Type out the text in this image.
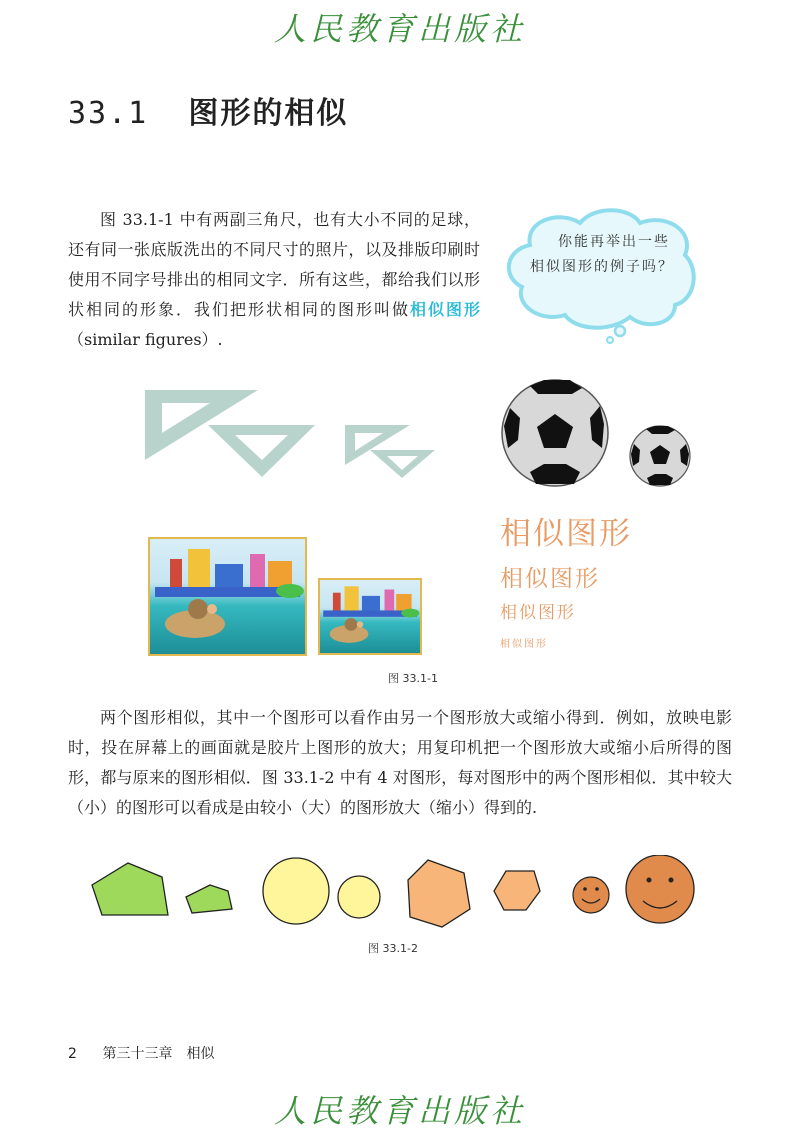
人民教育出版社
33.1 图形的相似

图 33.1-1 中有两副三角尺，也有大小不同的足球，还有同一张底版洗出的不同尺寸的照片，以及排版印刷时使用不同字号排出的相同文字．所有这些，都给我们以形状相同的形象．我们把形状相同的图形叫做相似图形（similar figures）.

你能再举出一些相似图形的例子吗？
相似图形
相似图形
相似图形
相似图形
图 33.1-1

两个图形相似，其中一个图形可以看作由另一个图形放大或缩小得到．例如，放映电影时，投在屏幕上的画面就是胶片上图形的放大；用复印机把一个图形放大或缩小后所得的图形，都与原来的图形相似．图 33.1-2 中有 4 对图形，每对图形中的两个图形相似．其中较大（小）的图形可以看成是由较小（大）的图形放大（缩小）得到的.

图 33.1-2
2 第三十三章　相似
人民教育出版社
